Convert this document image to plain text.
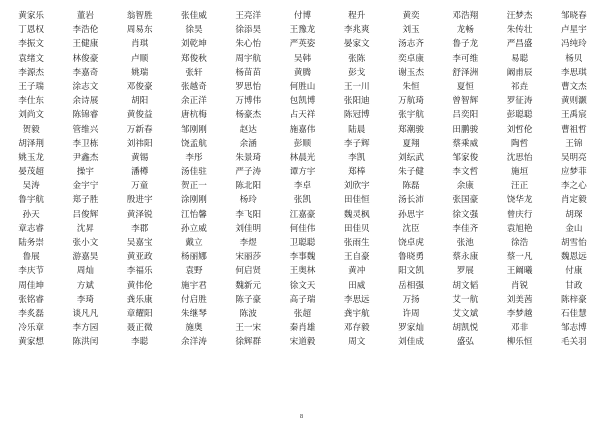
黄家乐	董岩	翁智胜	张佳威	王亮洋	付博	程升	黄奕	邓浩翔	汪梦杰	邹晓春
丁恩权	李浩伦	周易东	徐昊	徐添昊	王豫龙	李兆爽	刘玉	龙畅	朱传壮	卢星宇
李振文	王健康	肖琪	刘乾坤	朱心怡	严英姿	晏家文	汤志齐	鲁子龙	严昌盛	冯纯玲
袁绪文	林俊豪	卢顺	郑俊秋	周宇航	吴韩	张陈	奕卓康	李可维	易聪	杨贝
李源杰	李嘉奇	姚瑞	张轩	杨苗苗	黄腾	彭戈	谢玉杰	舒泽洲	阚甫辰	李思琪
王子瑞	涂志文	邓俊豪	张越奇	罗思怡	何胜山	王一川	朱恒	夏恒	祁垚	曹文杰
李仕东	余诗展	胡阳	余正洋	万博伟	包凯博	张阳迪	万航琦	曾智辉	罗征涛	黄则灏
刘尚文	陈锦睿	黄俊益	唐杭梅	杨豪杰	占天祥	陈冠博	张宇航	吕奕阳	彭聪聪	王禹宸
贺毅	管维兴	万新春	邹刚刚	赵达	施嘉伟	陆晨	郑潮骏	田鹏骏	刘哲伦	曹祖哲
胡泽荆	李卫栋	刘祎阳	饶孟航	余涵	彭顺	李子辉	夏翔	蔡乘威	陶哲	王锦
姚玉龙	尹鑫杰	黄锡	李彤	朱景琦	林晨光	李凯	刘纭武	邹家俊	沈思怡	吴明亮
晏茂超	操宇	潘樽	汤佳驻	严子涛	谭方宇	郑棒	朱子健	李文哲	施垣	应梦菲
吴涛	金宇宁	万童	贺正一	陈北阳	李卓	刘欣宇	陈磊	余康	汪正	李之心
鲁宇航	郑子胜	殷进宇	涂刚刚	杨玲	张凯	田佳恒	汤长沛	张国豪	饶华龙	肖定毅
孙天	吕俊辉	黄泽锐	江怡馨	李飞阳	江嘉豪	魏灵枫	孙思宇	徐文强	曾庆行	胡琛
章志睿	沈昇	李郡	孙立威	刘佳明	何佳伟	田佳贝	沈臣	李佳齐	袁旭艳	金山
陆务崇	张小文	吴嘉宝	戴立	李煜	卫聪聪	张雨生	饶卓虎	张池	徐浩	胡雪怡
鲁展	游嘉昊	黄亚政	杨丽娜	宋丽莎	李事魏	王自豪	鲁晓勇	蔡永康	蔡一凡	魏恩远
李庆节	周灿	李福乐	袁野	何启贤	王奥林	黄冲	阳文凯	罗展	王阚曦	付康
周佳坤	方斌	黄伟伦	施宇君	魏新元	徐文天	田威	岳相强	胡文韬	肖锐	甘政
张铭睿	李琦	龚乐康	付启胜	陈子豪	高子瑞	李思远	万扬	艾一航	刘美茜	陈梓豪
李炙磊	谈凡凡	章耀阳	朱继琴	陈波	张超	龚宇航	许周	艾文斌	李梦越	石佳慧
冷乐章	李方园	聂正微	施奥	王一宋	秦肖雄	邓存毅	罗家灿	胡凯悦	邓非	邹志博
黄家想	陈洪闰	李聪	余洋涛	徐辉群	宋道毅	周文	刘佳成	盛弘	柳乐恒	毛关羽
8
